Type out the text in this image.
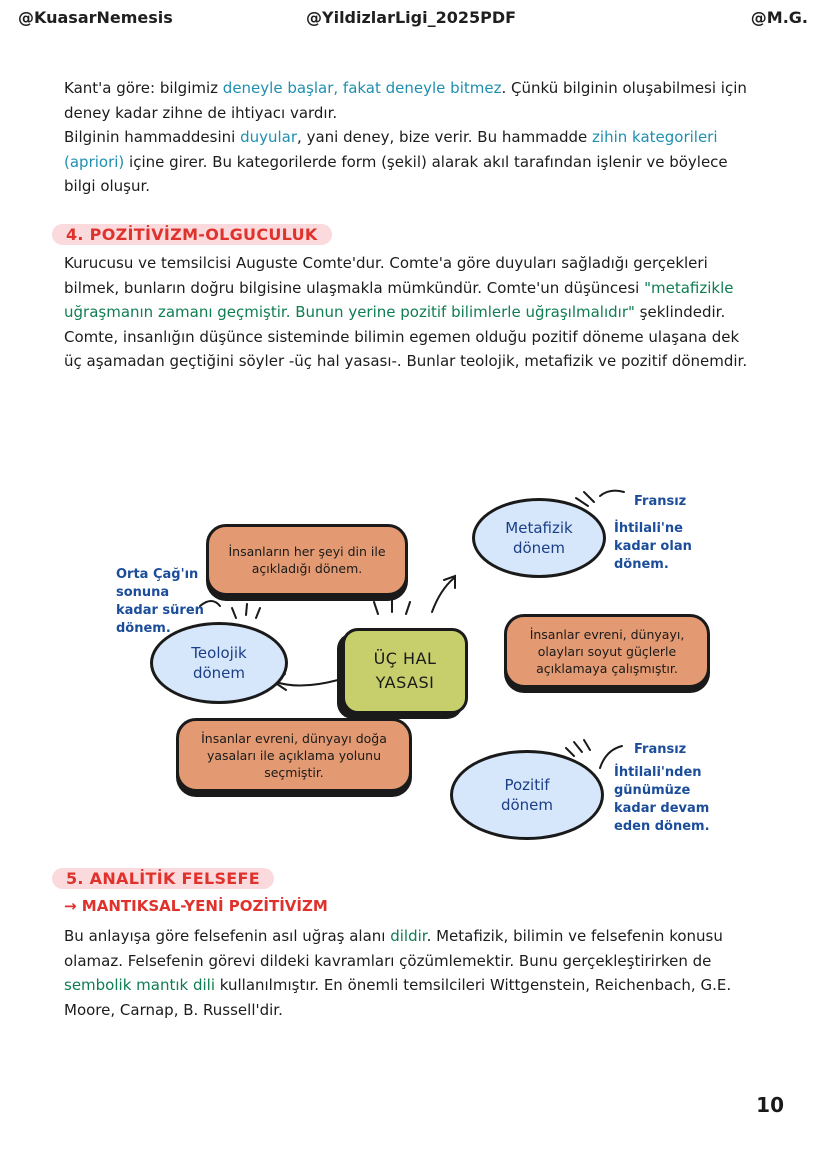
@KuasarNemesis	@YildizlarLigi_2025PDF	@M.G.
Kant'a göre: bilgimiz deneyle başlar, fakat deneyle bitmez. Çünkü bilginin oluşabilmesi için deney kadar zihne de ihtiyacı vardır.
Bilginin hammaddesini duyular, yani deney, bize verir. Bu hammadde zihin kategorileri (apriori) içine girer. Bu kategorilerde form (şekil) alarak akıl tarafından işlenir ve böylece bilgi oluşur.
4. POZİTİVİZM-OLGUCULUK
Kurucusu ve temsilcisi Auguste Comte'dur. Comte'a göre duyuları sağladığı gerçekleri bilmek, bunların doğru bilgisine ulaşmakla mümkündür. Comte'un düşüncesi "metafizikle uğraşmanın zamanı geçmiştir. Bunun yerine pozitif bilimlerle uğraşılmalıdır" şeklindedir.
Comte, insanlığın düşünce sisteminde bilimin egemen olduğu pozitif döneme ulaşana dek üç aşamadan geçtiğini söyler -üç hal yasası-. Bunlar teolojik, metafizik ve pozitif dönemdir.
ÜÇ HAL YASASI
Teolojik dönem
Metafizik dönem
Pozitif dönem
İnsanların her şeyi din ile açıkladığı dönem.
İnsanlar evreni, dünyayı, olayları soyut güçlerle açıklamaya çalışmıştır.
İnsanlar evreni, dünyayı doğa yasaları ile açıklama yolunu seçmiştir.
Orta Çağ'ın sonuna kadar süren dönem.
Fransız
İhtilali'ne kadar olan dönem.
Fransız
İhtilali'nden günümüze kadar devam eden dönem.
5. ANALİTİK FELSEFE
→ MANTIKSAL-YENİ POZİTİVİZM
Bu anlayışa göre felsefenin asıl uğraş alanı dildir. Metafizik, bilimin ve felsefenin konusu olamaz. Felsefenin görevi dildeki kavramları çözümlemektir. Bunu gerçekleştirirken de sembolik mantık dili kullanılmıştır. En önemli temsilcileri Wittgenstein, Reichenbach, G.E. Moore, Carnap, B. Russell'dir.
10
